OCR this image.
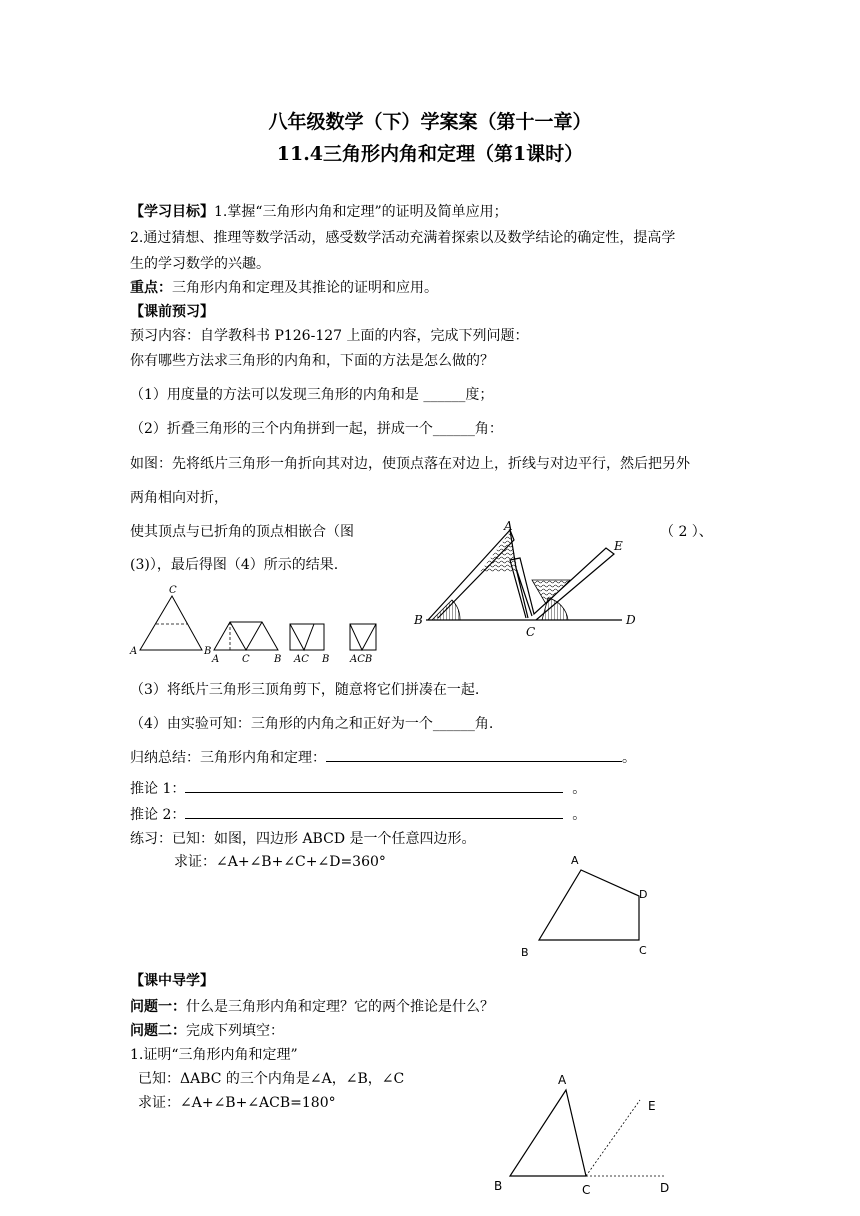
八年级数学（下）学案案（第十一章）
11.4三角形内角和定理（第1课时）
【学习目标】1.掌握“三角形内角和定理”的证明及简单应用；
2.通过猜想、推理等数学活动，感受数学活动充满着探索以及数学结论的确定性，提高学
生的学习数学的兴趣。
重点：三角形内角和定理及其推论的证明和应用。
【课前预习】
预习内容：自学教科书 P126-127 上面的内容，完成下列问题：
你有哪些方法求三角形的内角和，下面的方法是怎么做的？
（1）用度量的方法可以发现三角形的内角和是 ______度；
（2）折叠三角形的三个内角拼到一起，拼成一个______角：
如图：先将纸片三角形一角折向其对边，使顶点落在对边上，折线与对边平行，然后把另外
两角相向对折，
使其顶点与已折角的顶点相嵌合（图	（ 2 ）、
(3)），最后得图（4）所示的结果.
A
B
C
D
E
C
A	B
A C B AC B ACB
（3）将纸片三角形三顶角剪下，随意将它们拼凑在一起.
（4）由实验可知：三角形的内角之和正好为一个______角.
归纳总结：三角形内角和定理：	。
推论 1：	。
推论 2：	。
练习：已知：如图，四边形 ABCD 是一个任意四边形。
求证：∠A+∠B+∠C+∠D=360°	A
B	C
D
【课中导学】
问题一：什么是三角形内角和定理？它的两个推论是什么？
问题二：完成下列填空：
1.证明“三角形内角和定理”
已知：ΔABC 的三个内角是∠A，∠B，∠C
求证：∠A+∠B+∠ACB=180°
A
B	C	D
E
